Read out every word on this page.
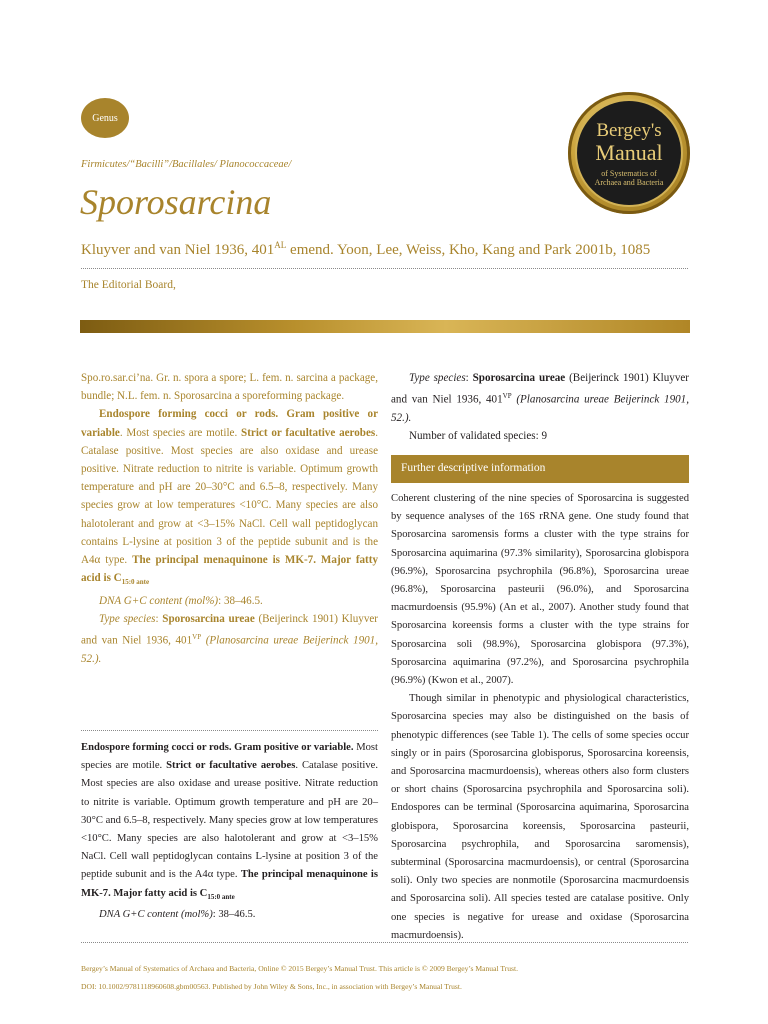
Genus
Bergey's
Manual
of Systematics of
Archaea and Bacteria
Firmicutes/“Bacilli”/Bacillales/ Planococcaceae/
Sporosarcina
Kluyver and van Niel 1936, $401^{AL}$ emend. Yoon, Lee, Weiss, Kho, Kang and Park 2001b, 1085
The Editorial Board,

Spo.ro.sar.ci’na. Gr. n. spora a spore; L. fem. n. sarcina a package, bundle; N.L. fem. n. Sporosarcina a sporeforming package.

Endospore forming cocci or rods. Gram positive or variable. Most species are motile. Strict or facultative aerobes. Catalase positive. Most species are also oxidase and urease positive. Nitrate reduction to nitrite is variable. Optimum growth temperature and pH are 20–30°C and 6.5–8, respectively. Many species grow at low temperatures <10°C. Many species are also halotolerant and grow at <3–15% NaCl. Cell wall peptidoglycan contains L-lysine at position 3 of the peptide subunit and is the A4α type. The principal menaquinone is MK-7. Major fatty acid is $C_{15:0 ante}$

DNA G+C content (mol%): 38–46.5.

Type species: Sporosarcina ureae (Beijerinck 1901) Kluyver and van Niel 1936, $401^{VP}$ (Planosarcina ureae Beijerinck 1901, 52.).

Endospore forming cocci or rods. Gram positive or variable. Most species are motile. Strict or facultative aerobes. Catalase positive. Most species are also oxidase and urease positive. Nitrate reduction to nitrite is variable. Optimum growth temperature and pH are 20–30°C and 6.5–8, respectively. Many species grow at low temperatures <10°C. Many species are also halotolerant and grow at <3–15% NaCl. Cell wall peptidoglycan contains L-lysine at position 3 of the peptide subunit and is the A4α type. The principal menaquinone is MK-7. Major fatty acid is $C_{15:0 ante}$

DNA G+C content (mol%): 38–46.5.

Type species: Sporosarcina ureae (Beijerinck 1901) Kluyver and van Niel 1936, $401^{VP}$ (Planosarcina ureae Beijerinck 1901, 52.).

Number of validated species: 9

Further descriptive information

Coherent clustering of the nine species of Sporosarcina is suggested by sequence analyses of the 16S rRNA gene. One study found that Sporosarcina saromensis forms a cluster with the type strains for Sporosarcina aquimarina (97.3% similarity), Sporosarcina globispora (96.9%), Sporosarcina psychrophila (96.8%), Sporosarcina ureae (96.8%), Sporosarcina pasteurii (96.0%), and Sporosarcina macmurdoensis (95.9%) (An et al., 2007). Another study found that Sporosarcina koreensis forms a cluster with the type strains for Sporosarcina soli (98.9%), Sporosarcina globispora (97.3%), Sporosarcina aquimarina (97.2%), and Sporosarcina psychrophila (96.9%) (Kwon et al., 2007).

Though similar in phenotypic and physiological characteristics, Sporosarcina species may also be distinguished on the basis of phenotypic differences (see Table 1). The cells of some species occur singly or in pairs (Sporosarcina globisporus, Sporosarcina koreensis, and Sporosarcina macmurdoensis), whereas others also form clusters or short chains (Sporosarcina psychrophila and Sporosarcina soli). Endospores can be terminal (Sporosarcina aquimarina, Sporosarcina globispora, Sporosarcina koreensis, Sporosarcina pasteurii, Sporosarcina psychrophila, and Sporosarcina saromensis), subterminal (Sporosarcina macmurdoensis), or central (Sporosarcina soli). Only two species are nonmotile (Sporosarcina macmurdoensis and Sporosarcina soli). All species tested are catalase positive. Only one species is negative for urease and oxidase (Sporosarcina macmurdoensis).

Bergey’s Manual of Systematics of Archaea and Bacteria, Online © 2015 Bergey’s Manual Trust. This article is © 2009 Bergey’s Manual Trust.
DOI: 10.1002/9781118960608.gbm00563. Published by John Wiley & Sons, Inc., in association with Bergey’s Manual Trust.
